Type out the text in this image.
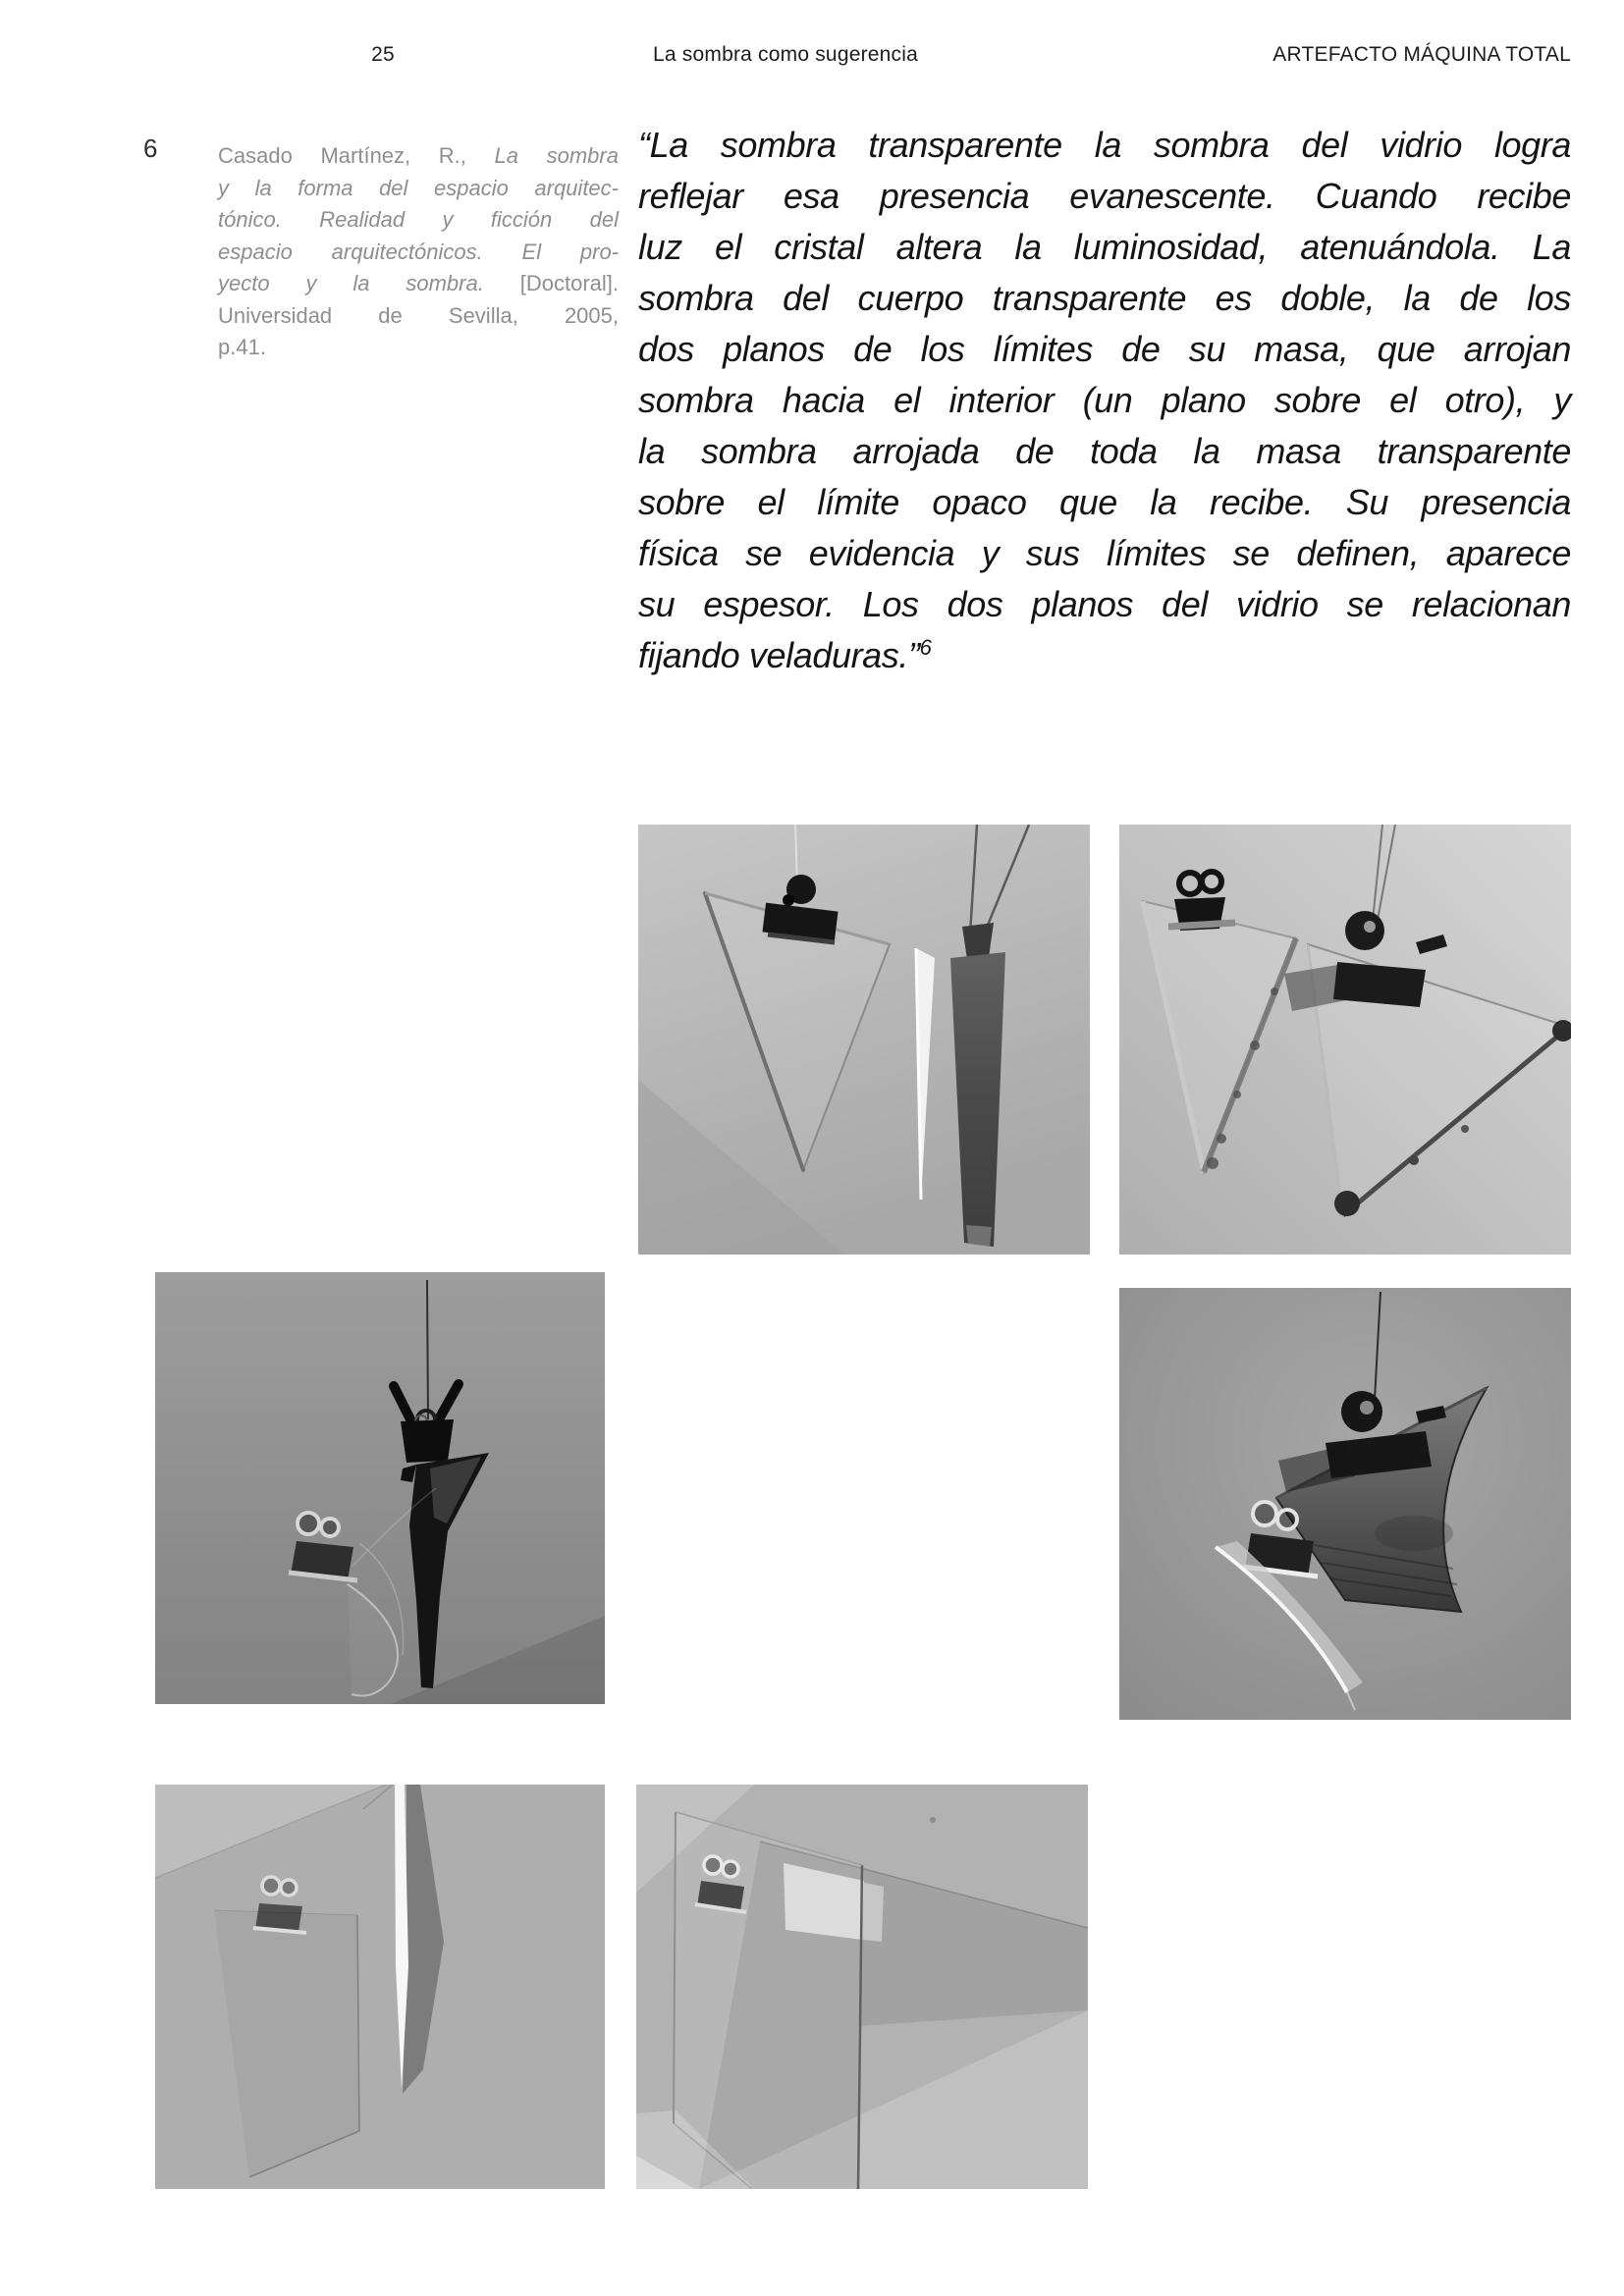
25	La sombra como sugerencia	ARTEFACTO MÁQUINA TOTAL
6	Casado Martínez, R., La sombra
y la forma del espacio arquitec-
tónico. Realidad y ficción del
espacio arquitectónicos. El pro-
yecto y la sombra. [Doctoral].
Universidad de Sevilla, 2005,
p.41.
“La sombra transparente la sombra del vidrio logra
reflejar esa presencia evanescente. Cuando recibe
luz el cristal altera la luminosidad, atenuándola. La
sombra del cuerpo transparente es doble, la de los
dos planos de los límites de su masa, que arrojan
sombra hacia el interior (un plano sobre el otro), y
la sombra arrojada de toda la masa transparente
sobre el límite opaco que la recibe. Su presencia
física se evidencia y sus límites se definen, aparece
su espesor. Los dos planos del vidrio se relacionan
fijando veladuras.”$^6$
